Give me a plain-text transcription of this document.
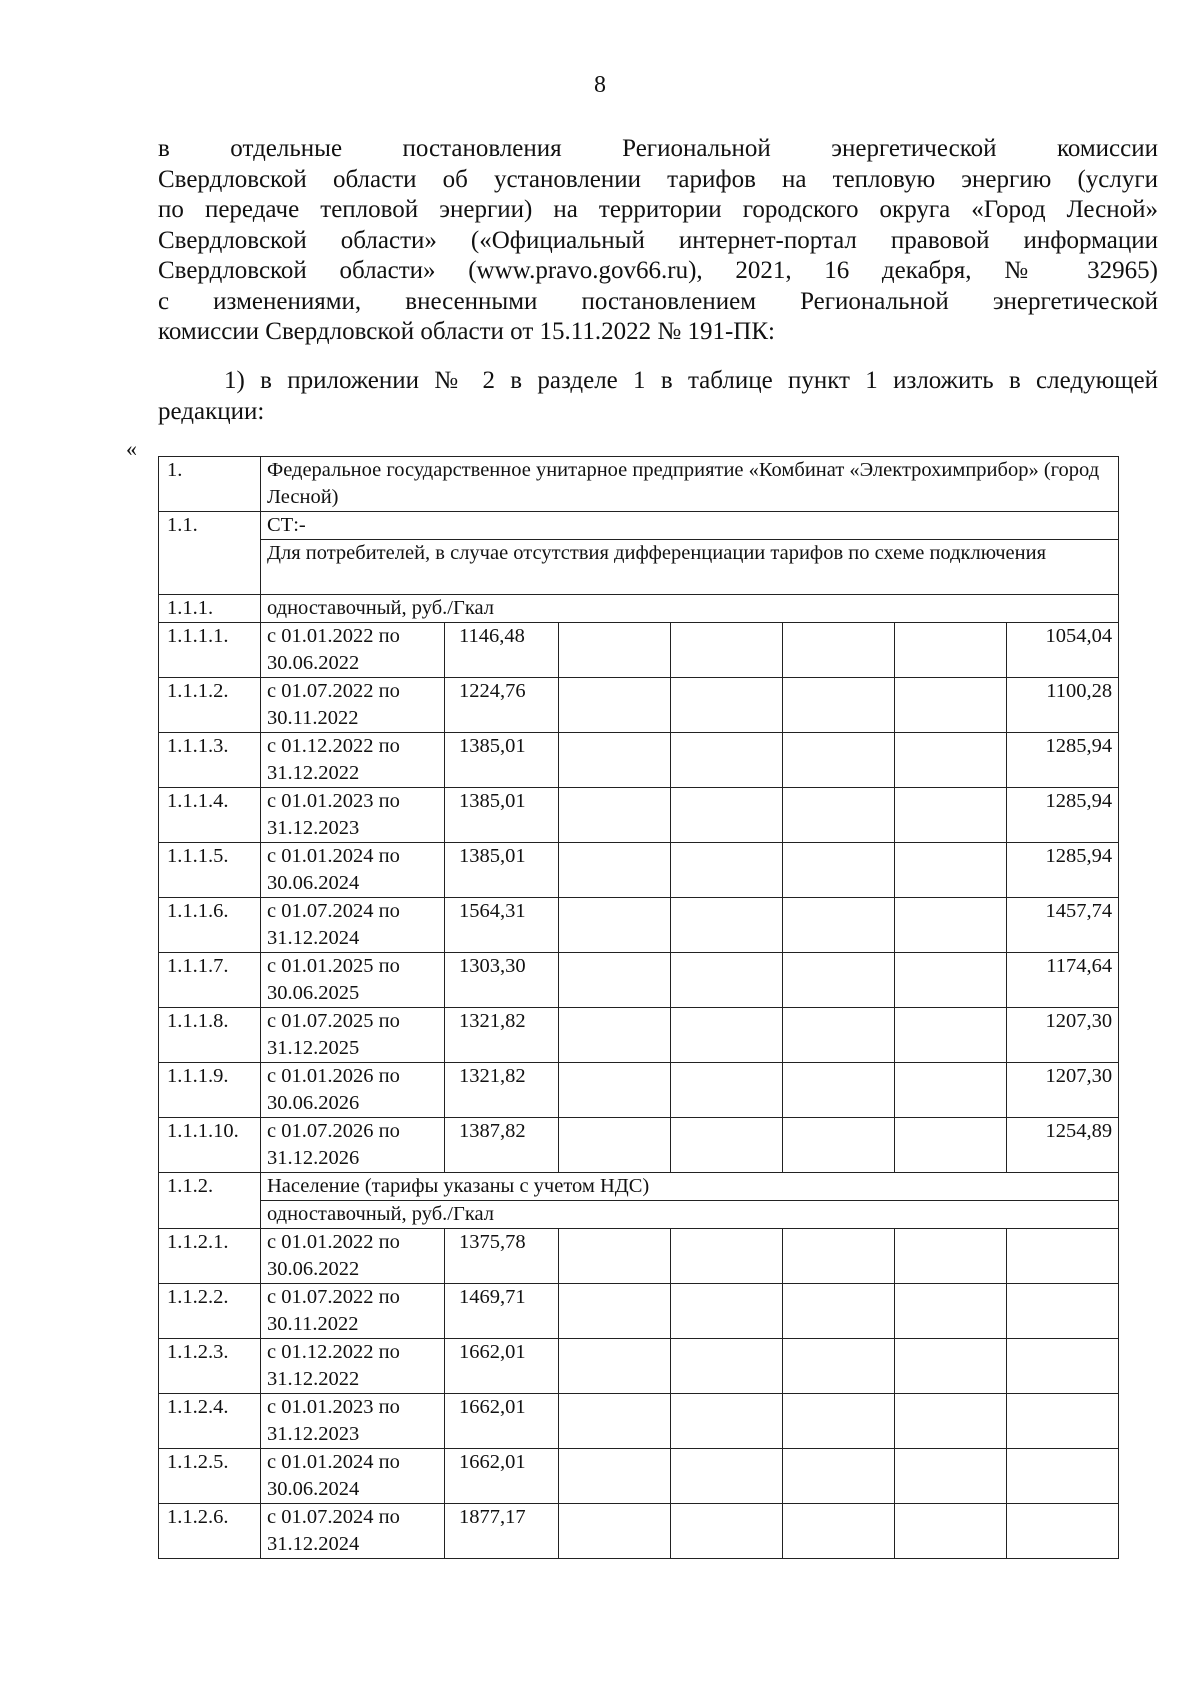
8

в отдельные постановления Региональной энергетической комиссии

Свердловской области об установлении тарифов на тепловую энергию (услуги

по передаче тепловой энергии) на территории городского округа «Город Лесной»

Свердловской области» («Официальный интернет-портал правовой информации

Свердловской области» (www.pravo.gov66.ru), 2021, 16 декабря, № 32965)

с изменениями, внесенными постановлением Региональной энергетической

комиссии Свердловской области от 15.11.2022 № 191-ПК:

1) в приложении № 2 в разделе 1 в таблице пункт 1 изложить в следующей
редакции:
«
1.	Федеральное государственное унитарное предприятие «Комбинат «Электрохимприбор» (город Лесной)						
1.1.	СТ:-						
	Для потребителей, в случае отсутствия дифференциации тарифов по схеме подключения						
1.1.1.	одноставочный, руб./Гкал						
1.1.1.1.	с 01.01.2022 по 30.06.2022	1146,48					1054,04
1.1.1.2.	с 01.07.2022 по 30.11.2022	1224,76					1100,28
1.1.1.3.	с 01.12.2022 по 31.12.2022	1385,01					1285,94
1.1.1.4.	с 01.01.2023 по 31.12.2023	1385,01					1285,94
1.1.1.5.	с 01.01.2024 по 30.06.2024	1385,01					1285,94
1.1.1.6.	с 01.07.2024 по 31.12.2024	1564,31					1457,74
1.1.1.7.	с 01.01.2025 по 30.06.2025	1303,30					1174,64
1.1.1.8.	с 01.07.2025 по 31.12.2025	1321,82					1207,30
1.1.1.9.	с 01.01.2026 по 30.06.2026	1321,82					1207,30
1.1.1.10.	с 01.07.2026 по 31.12.2026	1387,82					1254,89
1.1.2.	Население (тарифы указаны с учетом НДС)						
	одноставочный, руб./Гкал						
1.1.2.1.	с 01.01.2022 по 30.06.2022	1375,78					
1.1.2.2.	с 01.07.2022 по 30.11.2022	1469,71					
1.1.2.3.	с 01.12.2022 по 31.12.2022	1662,01					
1.1.2.4.	с 01.01.2023 по 31.12.2023	1662,01					
1.1.2.5.	с 01.01.2024 по 30.06.2024	1662,01					
1.1.2.6.	с 01.07.2024 по 31.12.2024	1877,17					
